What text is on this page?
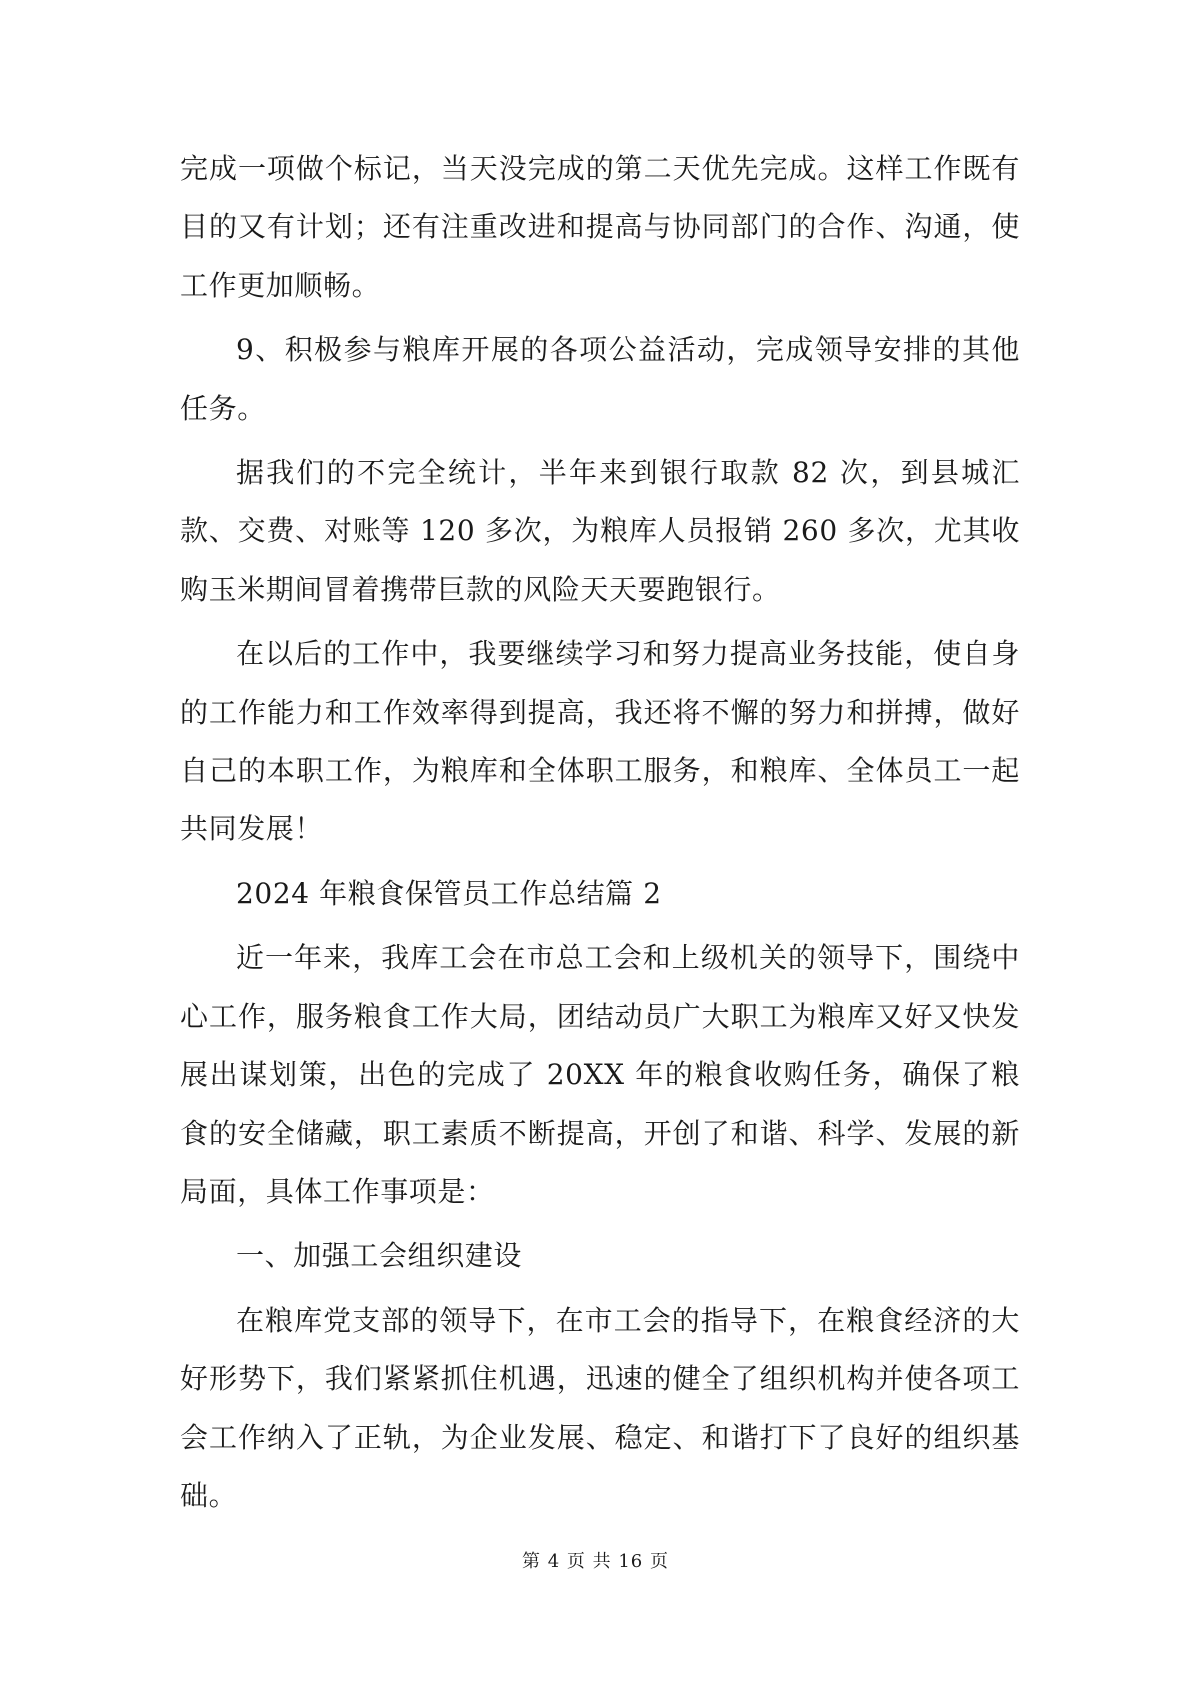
完成一项做个标记，当天没完成的第二天优先完成。这样工作既有目的又有计划；还有注重改进和提高与协同部门的合作、沟通，使工作更加顺畅。

9、积极参与粮库开展的各项公益活动，完成领导安排的其他任务。

据我们的不完全统计，半年来到银行取款 82 次，到县城汇款、交费、对账等 120 多次，为粮库人员报销 260 多次，尤其收购玉米期间冒着携带巨款的风险天天要跑银行。

在以后的工作中，我要继续学习和努力提高业务技能，使自身的工作能力和工作效率得到提高，我还将不懈的努力和拼搏，做好自己的本职工作，为粮库和全体职工服务，和粮库、全体员工一起共同发展！

2024 年粮食保管员工作总结篇 2

近一年来，我库工会在市总工会和上级机关的领导下，围绕中心工作，服务粮食工作大局，团结动员广大职工为粮库又好又快发展出谋划策，出色的完成了 20XX 年的粮食收购任务，确保了粮食的安全储藏，职工素质不断提高，开创了和谐、科学、发展的新局面，具体工作事项是：

一、加强工会组织建设

在粮库党支部的领导下，在市工会的指导下，在粮食经济的大好形势下，我们紧紧抓住机遇，迅速的健全了组织机构并使各项工会工作纳入了正轨，为企业发展、稳定、和谐打下了良好的组织基础。

第 4 页 共 16 页
